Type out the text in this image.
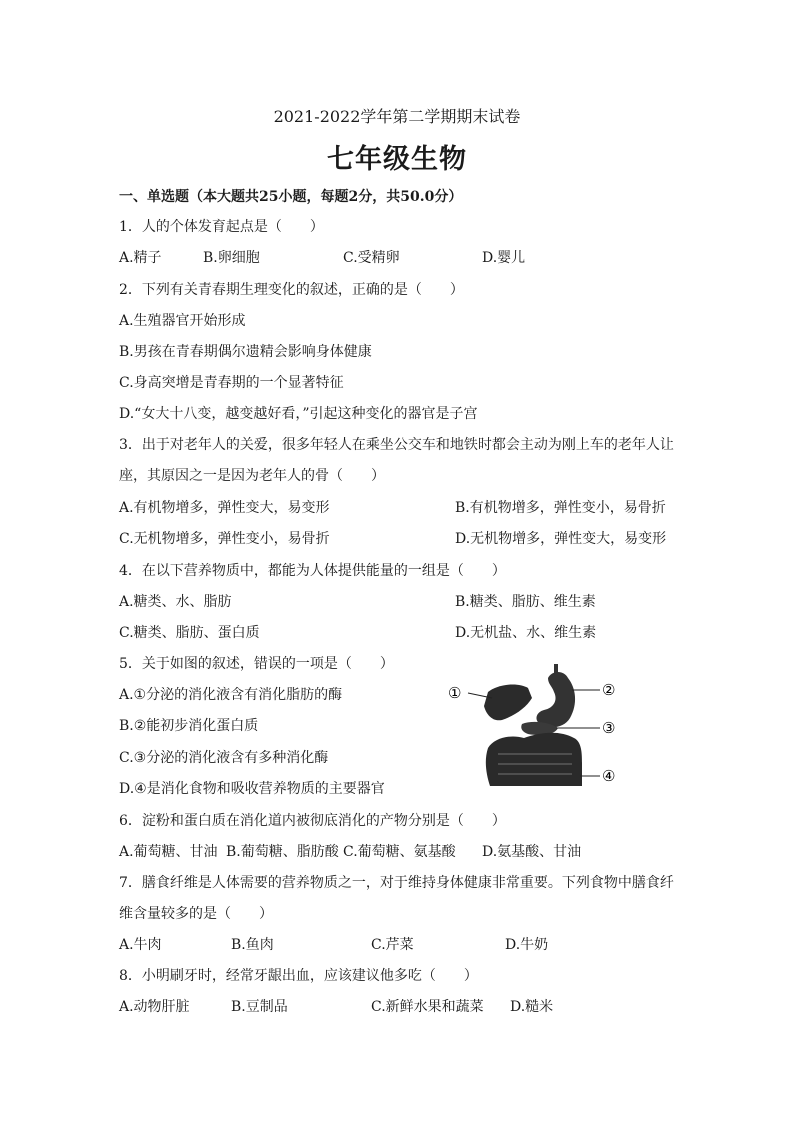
2021-2022学年第二学期期末试卷
七年级生物
一、单选题（本大题共25小题，每题2分，共50.0分）
1．人的个体发育起点是（　　）
A.精子	B.卵细胞	C.受精卵	D.婴儿
2．下列有关青春期生理变化的叙述，正确的是（　　）
A.生殖器官开始形成
B.男孩在青春期偶尔遗精会影响身体健康
C.身高突增是青春期的一个显著特征
D.“女大十八变，越变越好看，”引起这种变化的器官是子宫
3．出于对老年人的关爱，很多年轻人在乘坐公交车和地铁时都会主动为刚上车的老年人让
座，其原因之一是因为老年人的骨（　　）
A.有机物增多，弹性变大，易变形	B.有机物增多，弹性变小，易骨折
C.无机物增多，弹性变小，易骨折	D.无机物增多，弹性变大，易变形
4．在以下营养物质中，都能为人体提供能量的一组是（　　）
A.糖类、水、脂肪	B.糖类、脂肪、维生素
C.糖类、脂肪、蛋白质	D.无机盐、水、维生素
5．关于如图的叙述，错误的一项是（　　）
A.①分泌的消化液含有消化脂肪的酶
B.②能初步消化蛋白质
C.③分泌的消化液含有多种消化酶
D.④是消化食物和吸收营养物质的主要器官
①	②
③
④
6．淀粉和蛋白质在消化道内被彻底消化的产物分别是（　　）
A.葡萄糖、甘油 B.葡萄糖、脂肪酸 C.葡萄糖、氨基酸 D.氨基酸、甘油
7．膳食纤维是人体需要的营养物质之一，对于维持身体健康非常重要。下列食物中膳食纤
维含量较多的是（　　）
A.牛肉	B.鱼肉	C.芹菜	D.牛奶
8．小明刷牙时，经常牙龈出血，应该建议他多吃（　　）
A.动物肝脏	B.豆制品	C.新鲜水果和蔬菜 D.糙米
